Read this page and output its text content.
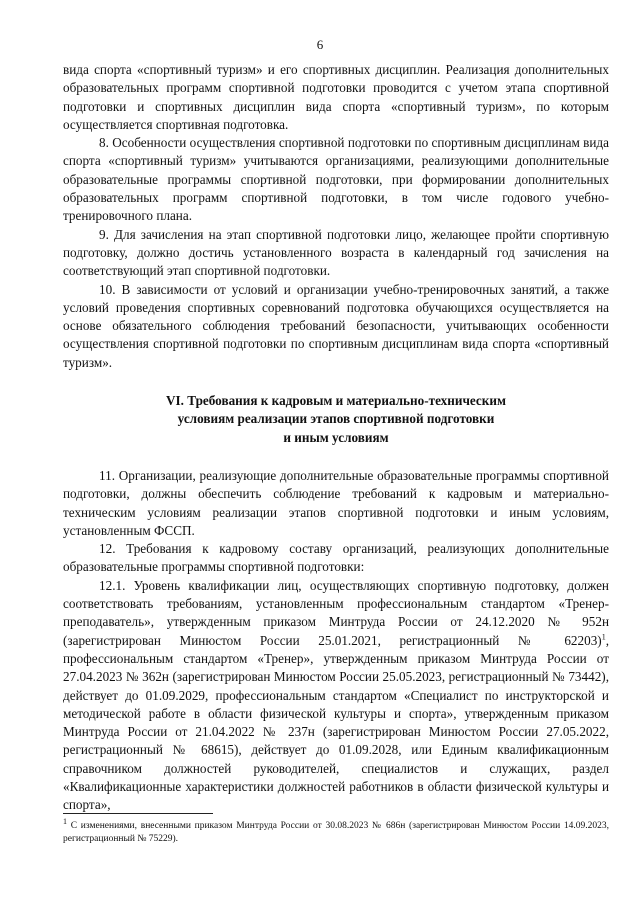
6

вида спорта «спортивный туризм» и его спортивных дисциплин. Реализация дополнительных образовательных программ спортивной подготовки проводится с учетом этапа спортивной подготовки и спортивных дисциплин вида спорта «спортивный туризм», по которым осуществляется спортивная подготовка.

8. Особенности осуществления спортивной подготовки по спортивным дисциплинам вида спорта «спортивный туризм» учитываются организациями, реализующими дополнительные образовательные программы спортивной подготовки, при формировании дополнительных образовательных программ спортивной подготовки, в том числе годового учебно-тренировочного плана.

9. Для зачисления на этап спортивной подготовки лицо, желающее пройти спортивную подготовку, должно достичь установленного возраста в календарный год зачисления на соответствующий этап спортивной подготовки.

10. В зависимости от условий и организации учебно-тренировочных занятий, а также условий проведения спортивных соревнований подготовка обучающихся осуществляется на основе обязательного соблюдения требований безопасности, учитывающих особенности осуществления спортивной подготовки по спортивным дисциплинам вида спорта «спортивный туризм».

VI. Требования к кадровым и материально-техническим
условиям реализации этапов спортивной подготовки
и иным условиям

11. Организации, реализующие дополнительные образовательные программы спортивной подготовки, должны обеспечить соблюдение требований к кадровым и материально-техническим условиям реализации этапов спортивной подготовки и иным условиям, установленным ФССП.

12. Требования к кадровому составу организаций, реализующих дополнительные образовательные программы спортивной подготовки:

12.1. Уровень квалификации лиц, осуществляющих спортивную подготовку, должен соответствовать требованиям, установленным профессиональным стандартом «Тренер-преподаватель», утвержденным приказом Минтруда России от 24.12.2020 № 952н (зарегистрирован Минюстом России 25.01.2021, регистрационный № 62203)$^1$, профессиональным стандартом «Тренер», утвержденным приказом Минтруда России от 27.04.2023 № 362н (зарегистрирован Минюстом России 25.05.2023, регистрационный № 73442), действует до 01.09.2029, профессиональным стандартом «Специалист по инструкторской и методической работе в области физической культуры и спорта», утвержденным приказом Минтруда России от 21.04.2022 № 237н (зарегистрирован Минюстом России 27.05.2022, регистрационный № 68615), действует до 01.09.2028, или Единым квалификационным справочником должностей руководителей, специалистов и служащих, раздел «Квалификационные характеристики должностей работников в области физической культуры и спорта»,

$^1$ С изменениями, внесенными приказом Минтруда России от 30.08.2023 № 686н (зарегистрирован Минюстом России 14.09.2023, регистрационный № 75229).
